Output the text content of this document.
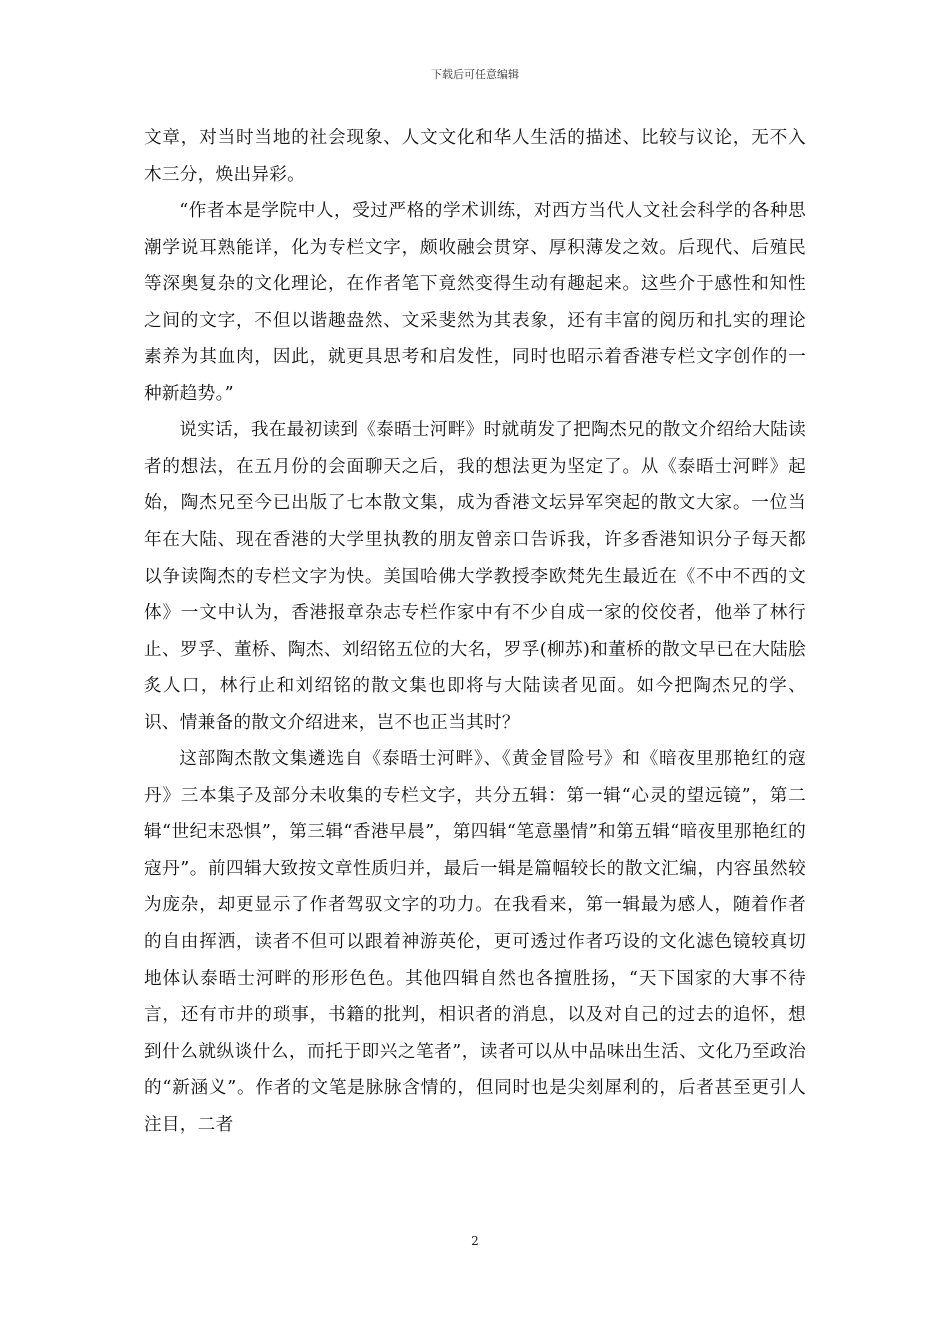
下载后可任意编辑

文章，对当时当地的社会现象、人文文化和华人生活的描述、比较与议论，无不入木三分，焕出异彩。

“作者本是学院中人，受过严格的学术训练，对西方当代人文社会科学的各种思潮学说耳熟能详，化为专栏文字，颇收融会贯穿、厚积薄发之效。后现代、后殖民等深奥复杂的文化理论，在作者笔下竟然变得生动有趣起来。这些介于感性和知性之间的文字，不但以谐趣盎然、文采斐然为其表象，还有丰富的阅历和扎实的理论素养为其血肉，因此，就更具思考和启发性，同时也昭示着香港专栏文字创作的一种新趋势。”

说实话，我在最初读到《泰晤士河畔》时就萌发了把陶杰兄的散文介绍给大陆读者的想法，在五月份的会面聊天之后，我的想法更为坚定了。从《泰晤士河畔》起始，陶杰兄至今已出版了七本散文集，成为香港文坛异军突起的散文大家。一位当年在大陆、现在香港的大学里执教的朋友曾亲口告诉我，许多香港知识分子每天都以争读陶杰的专栏文字为快。美国哈佛大学教授李欧梵先生最近在《不中不西的文体》一文中认为，香港报章杂志专栏作家中有不少自成一家的佼佼者，他举了林行止、罗孚、董桥、陶杰、刘绍铭五位的大名，罗孚(柳苏)和董桥的散文早已在大陆脍炙人口，林行止和刘绍铭的散文集也即将与大陆读者见面。如今把陶杰兄的学、识、情兼备的散文介绍进来，岂不也正当其时？

这部陶杰散文集遴选自《泰晤士河畔》、《黄金冒险号》和《暗夜里那艳红的寇丹》三本集子及部分未收集的专栏文字，共分五辑：第一辑“心灵的望远镜”，第二辑“世纪末恐惧”，第三辑“香港早晨”，第四辑“笔意墨情”和第五辑“暗夜里那艳红的寇丹”。前四辑大致按文章性质归并，最后一辑是篇幅较长的散文汇编，内容虽然较为庞杂，却更显示了作者驾驭文字的功力。在我看来，第一辑最为感人，随着作者的自由挥洒，读者不但可以跟着神游英伦，更可透过作者巧设的文化滤色镜较真切地体认泰晤士河畔的形形色色。其他四辑自然也各擅胜扬，“天下国家的大事不待言，还有市井的琐事，书籍的批判，相识者的消息，以及对自己的过去的追怀，想到什么就纵谈什么，而托于即兴之笔者”，读者可以从中品味出生活、文化乃至政治的“新涵义”。作者的文笔是脉脉含情的，但同时也是尖刻犀利的，后者甚至更引人注目，二者

2
